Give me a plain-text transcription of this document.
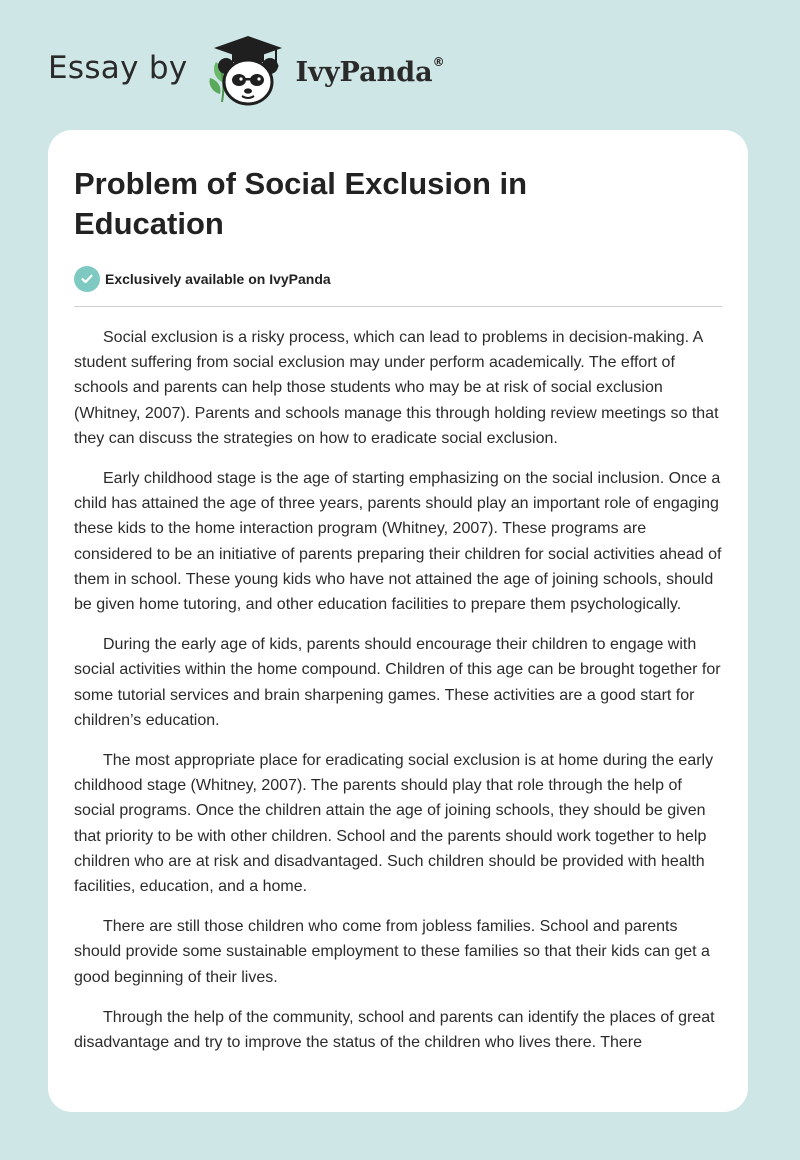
Essay by	IvyPanda®
Problem of Social Exclusion in Education
Exclusively available on IvyPanda

Social exclusion is a risky process, which can lead to problems in decision-making. A student suffering from social exclusion may under perform academically. The effort of schools and parents can help those students who may be at risk of social exclusion (Whitney, 2007). Parents and schools manage this through holding review meetings so that they can discuss the strategies on how to eradicate social exclusion.

Early childhood stage is the age of starting emphasizing on the social inclusion. Once a child has attained the age of three years, parents should play an important role of engaging these kids to the home interaction program (Whitney, 2007). These programs are considered to be an initiative of parents preparing their children for social activities ahead of them in school. These young kids who have not attained the age of joining schools, should be given home tutoring, and other education facilities to prepare them psychologically.

During the early age of kids, parents should encourage their children to engage with social activities within the home compound. Children of this age can be brought together for some tutorial services and brain sharpening games. These activities are a good start for children’s education.

The most appropriate place for eradicating social exclusion is at home during the early childhood stage (Whitney, 2007). The parents should play that role through the help of social programs. Once the children attain the age of joining schools, they should be given that priority to be with other children. School and the parents should work together to help children who are at risk and disadvantaged. Such children should be provided with health facilities, education, and a home.

There are still those children who come from jobless families. School and parents should provide some sustainable employment to these families so that their kids can get a good beginning of their lives.

Through the help of the community, school and parents can identify the places of great disadvantage and try to improve the status of the children who lives there. There
